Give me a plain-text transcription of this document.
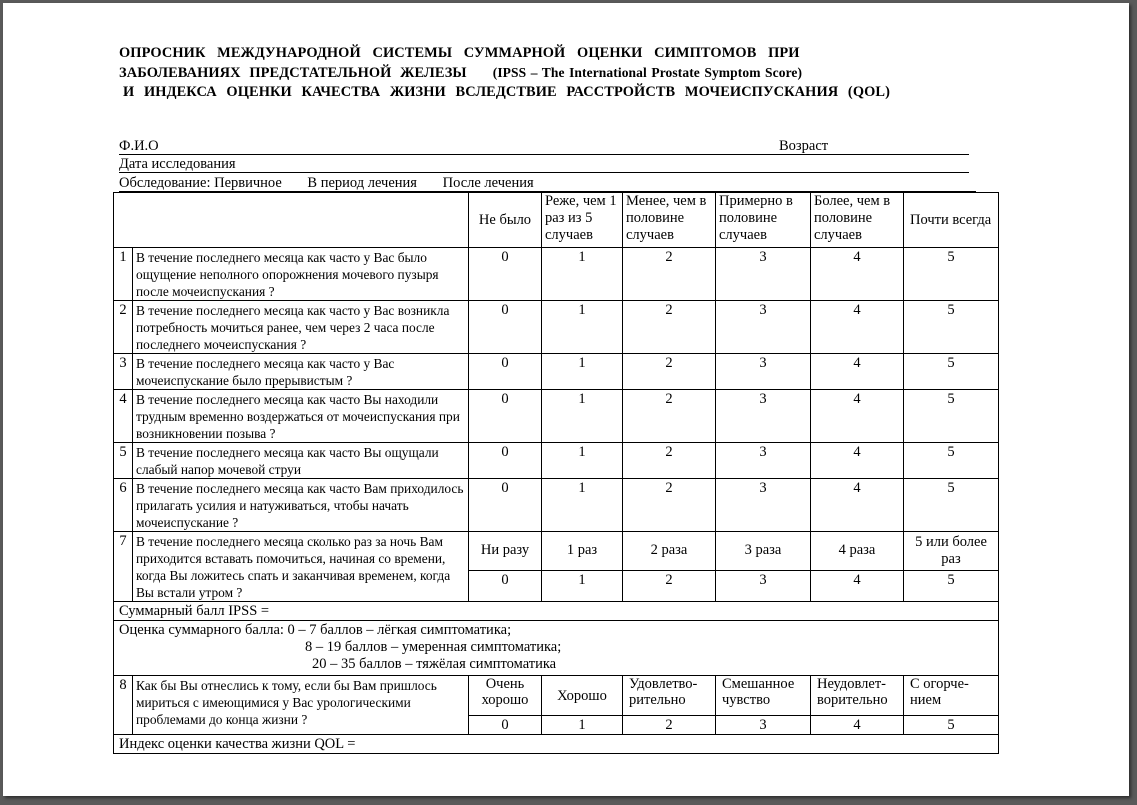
ОПРОСНИК МЕЖДУНАРОДНОЙ СИСТЕМЫ СУММАРНОЙ ОЦЕНКИ СИМПТОМОВ ПРИ
ЗАБОЛЕВАНИЯХ ПРЕДСТАТЕЛЬНОЙ ЖЕЛЕЗЫ (IPSS – The International Prostate Symptom Score)
И ИНДЕКСА ОЦЕНКИ КАЧЕСТВА ЖИЗНИ ВСЛЕДСТВИЕ РАССТРОЙСТВ МОЧЕИСПУСКАНИЯ (QOL)
Ф.И.О	Возраст
Дата исследования
Обследование: Первичное В период лечения После лечения
		Не было	Реже, чем 1 раз из 5 случаев	Менее, чем в половине случаев	Примерно в половине случаев	Более, чем в половине случаев	Почти всегда
1	В течение последнего месяца как часто у Вас было ощущение неполного опорожнения мочевого пузыря после мочеиспускания ?	0	1	2	3	4	5
2	В течение последнего месяца как часто у Вас возникла потребность мочиться ранее, чем через 2 часа после последнего мочеиспускания ?	0	1	2	3	4	5
3	В течение последнего месяца как часто у Вас мочеиспускание было прерывистым ?	0	1	2	3	4	5
4	В течение последнего месяца как часто Вы находили трудным временно воздержаться от мочеиспускания при возникновении позыва ?	0	1	2	3	4	5
5	В течение последнего месяца как часто Вы ощущали слабый напор мочевой струи	0	1	2	3	4	5
6	В течение последнего месяца как часто Вам приходилось прилагать усилия и натуживаться, чтобы начать мочеиспускание ?	0	1	2	3	4	5
7	В течение последнего месяца сколько раз за ночь Вам приходится вставать помочиться, начиная со времени, когда Вы ложитесь спать и заканчивая временем, когда Вы встали утром ?	Ни разу	1 раз	2 раза	3 раза	4 раза	5 или более раз
		0	1	2	3	4	5
Суммарный балл IPSS =							

Оценка суммарного балла: 0 – 7 баллов – лёгкая симптоматика;
8 – 19 баллов – умеренная симптоматика;
20 – 35 баллов – тяжёлая симптоматика							

8	Как бы Вы отнеслись к тому, если бы Вам пришлось мириться с имеющимися у Вас урологическими проблемами до конца жизни ?	Очень хорошо	Хорошо	Удовлетво-рительно	Смешанное чувство	Неудовлет-ворительно	С огорче-нием
		0	1	2	3	4	5
Индекс оценки качества жизни QOL =							
